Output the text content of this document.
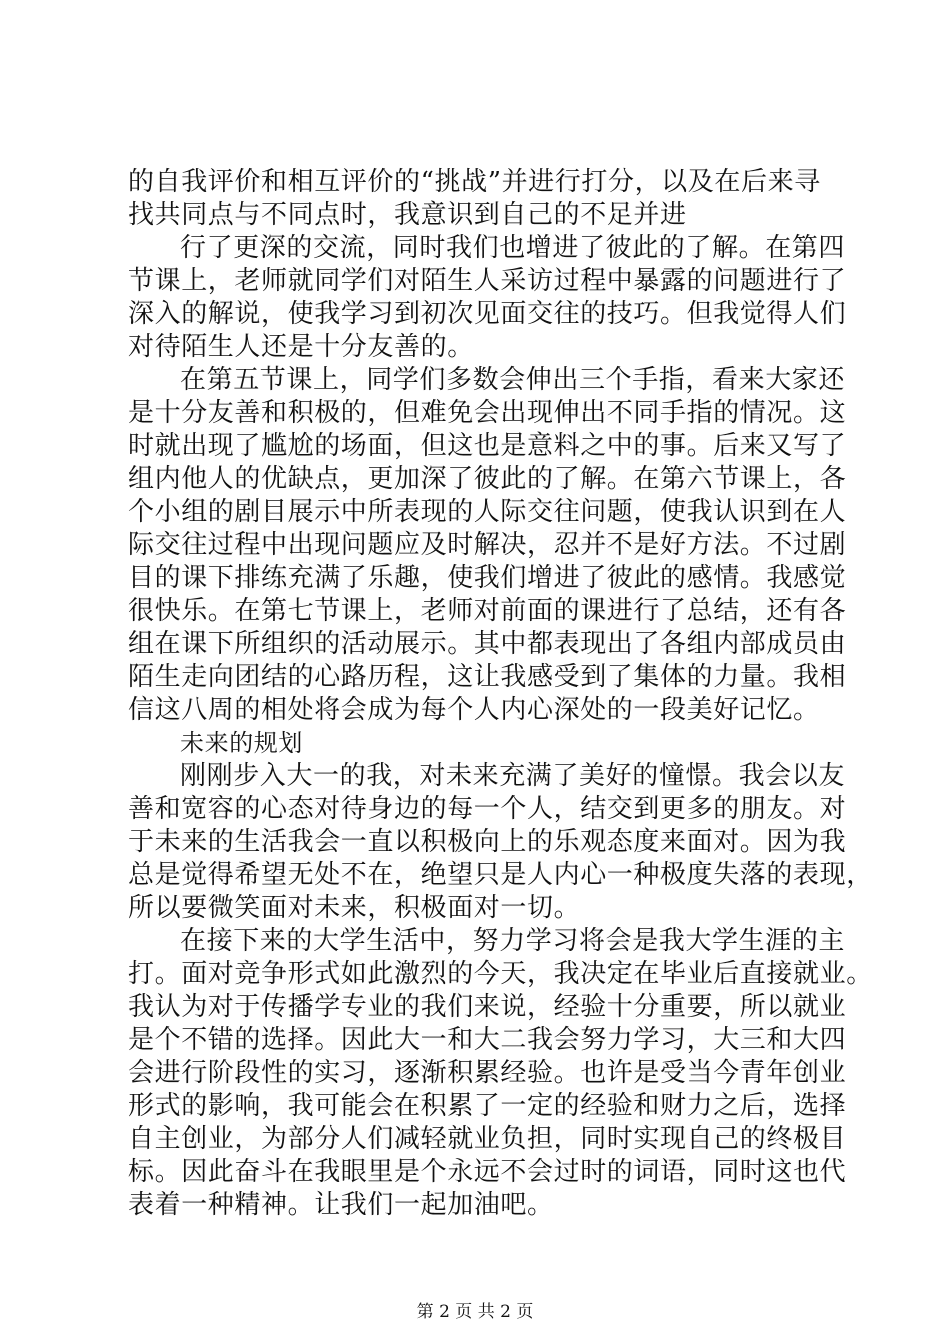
的自我评价和相互评价的“挑战”并进行打分，以及在后来寻
找共同点与不同点时，我意识到自己的不足并进
行了更深的交流，同时我们也增进了彼此的了解。在第四
节课上，老师就同学们对陌生人采访过程中暴露的问题进行了
深入的解说，使我学习到初次见面交往的技巧。但我觉得人们
对待陌生人还是十分友善的。
在第五节课上，同学们多数会伸出三个手指，看来大家还
是十分友善和积极的，但难免会出现伸出不同手指的情况。这
时就出现了尴尬的场面，但这也是意料之中的事。后来又写了
组内他人的优缺点，更加深了彼此的了解。在第六节课上，各
个小组的剧目展示中所表现的人际交往问题，使我认识到在人
际交往过程中出现问题应及时解决，忍并不是好方法。不过剧
目的课下排练充满了乐趣，使我们增进了彼此的感情。我感觉
很快乐。在第七节课上，老师对前面的课进行了总结，还有各
组在课下所组织的活动展示。其中都表现出了各组内部成员由
陌生走向团结的心路历程，这让我感受到了集体的力量。我相
信这八周的相处将会成为每个人内心深处的一段美好记忆。
未来的规划
刚刚步入大一的我，对未来充满了美好的憧憬。我会以友
善和宽容的心态对待身边的每一个人，结交到更多的朋友。对
于未来的生活我会一直以积极向上的乐观态度来面对。因为我
总是觉得希望无处不在，绝望只是人内心一种极度失落的表现，
所以要微笑面对未来，积极面对一切。
在接下来的大学生活中，努力学习将会是我大学生涯的主
打。面对竞争形式如此激烈的今天，我决定在毕业后直接就业。
我认为对于传播学专业的我们来说，经验十分重要，所以就业
是个不错的选择。因此大一和大二我会努力学习，大三和大四
会进行阶段性的实习，逐渐积累经验。也许是受当今青年创业
形式的影响，我可能会在积累了一定的经验和财力之后，选择
自主创业，为部分人们减轻就业负担，同时实现自己的终极目
标。因此奋斗在我眼里是个永远不会过时的词语，同时这也代
表着一种精神。让我们一起加油吧。
第 2 页 共 2 页
